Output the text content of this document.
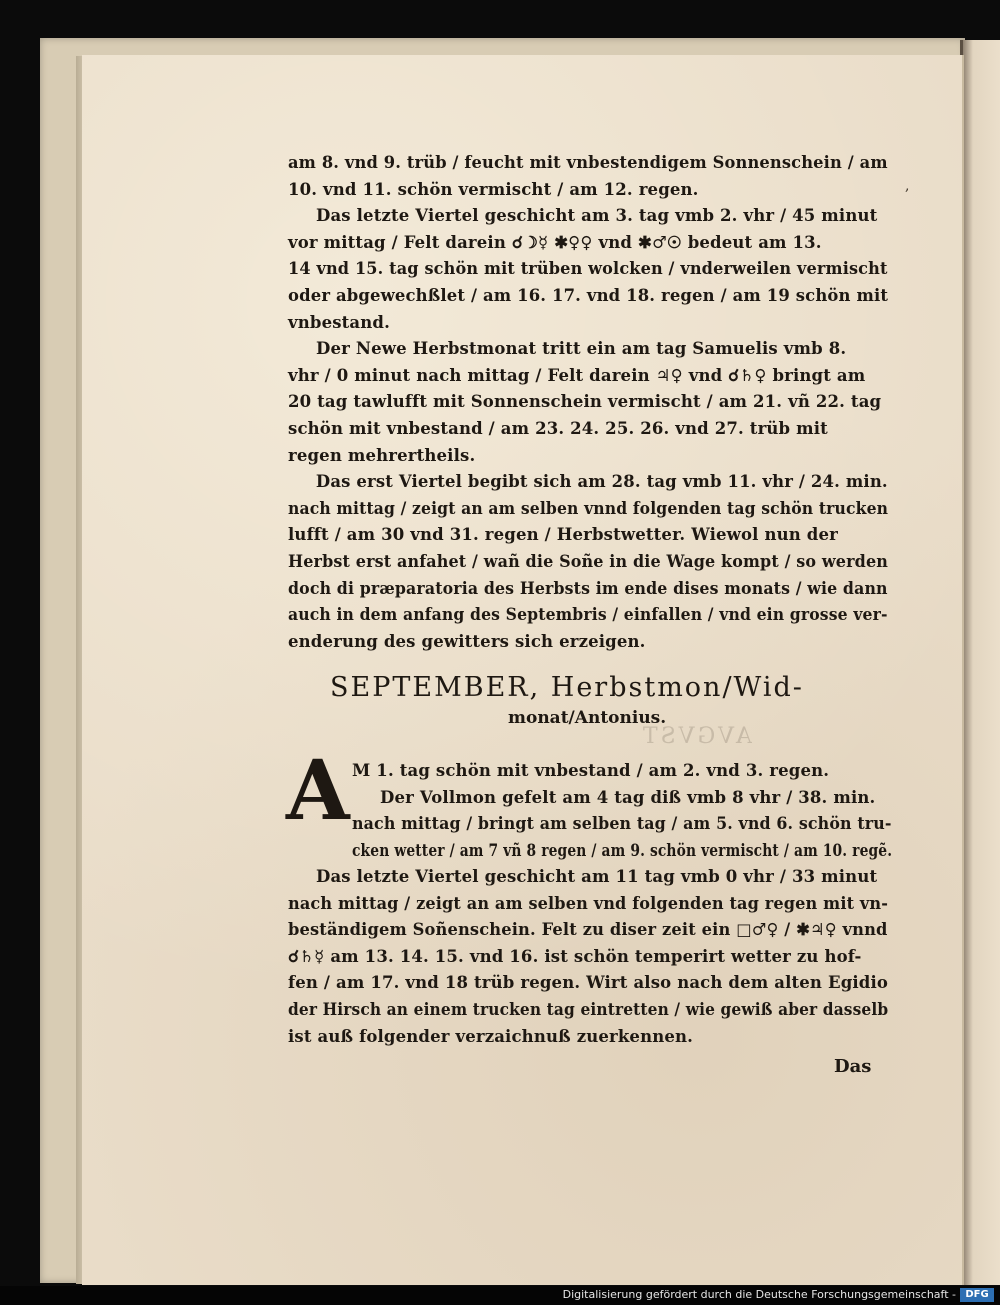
,
am 8. vnd 9. trüb / feucht mit vnbestendigem Sonnenschein / am
10. vnd 11. schön vermischt / am 12. regen.
Das letzte Viertel geschicht am 3. tag vmb 2. vhr / 45 minut
vor mittag / Felt darein ☌☽☿ ✱♀♀ vnd ✱♂☉ bedeut am 13.
14 vnd 15. tag schön mit trüben wolcken / vnderweilen vermischt
oder abgewechßlet / am 16. 17. vnd 18. regen / am 19 schön mit
vnbestand.
Der Newe Herbstmonat tritt ein am tag Samuelis vmb 8.
vhr / 0 minut nach mittag / Felt darein ♃♀ vnd ☌♄♀ bringt am
20 tag tawlufft mit Sonnenschein vermischt / am 21. vñ 22. tag
schön mit vnbestand / am 23. 24. 25. 26. vnd 27. trüb mit
regen mehrertheils.
Das erst Viertel begibt sich am 28. tag vmb 11. vhr / 24. min.
nach mittag / zeigt an am selben vnnd folgenden tag schön trucken
lufft / am 30 vnd 31. regen / Herbstwetter. Wiewol nun der
Herbst erst anfahet / wañ die Soñe in die Wage kompt / so werden
doch di præparatoria des Herbsts im ende dises monats / wie dann
auch in dem anfang des Septembris / einfallen / vnd ein grosse ver-
enderung des gewitters sich erzeigen.
AVGVST
SEPTEMBER, Herbstmon/Wid-
monat/Antonius.
A M 1. tag schön mit vnbestand / am 2. vnd 3. regen.
Der Vollmon gefelt am 4 tag diß vmb 8 vhr / 38. min.
nach mittag / bringt am selben tag / am 5. vnd 6. schön tru-
cken wetter / am 7 vñ 8 regen / am 9. schön vermischt / am 10. regẽ.
Das letzte Viertel geschicht am 11 tag vmb 0 vhr / 33 minut
nach mittag / zeigt an am selben vnd folgenden tag regen mit vn-
beständigem Soñenschein. Felt zu diser zeit ein □♂♀ / ✱♃♀ vnnd
☌♄☿ am 13. 14. 15. vnd 16. ist schön temperirt wetter zu hof-
fen / am 17. vnd 18 trüb regen. Wirt also nach dem alten Egidio
der Hirsch an einem trucken tag eintretten / wie gewiß aber dasselb
ist auß folgender verzaichnuß zuerkennen.
Das
Digitalisierung gefördert durch die Deutsche Forschungsgemeinschaft - DFG
